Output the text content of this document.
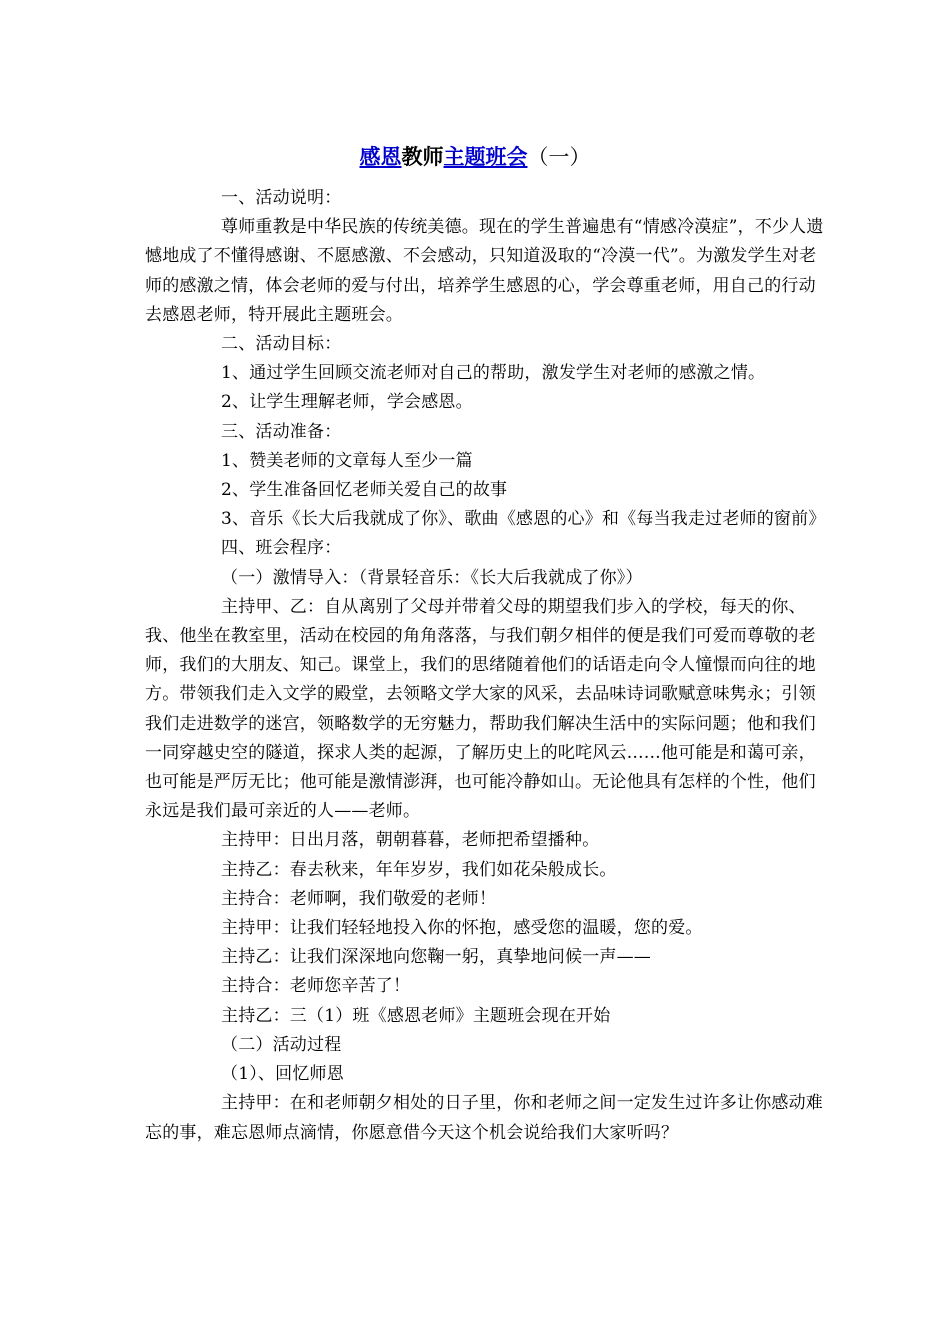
感恩教师主题班会（一）

一、活动说明：

尊师重教是中华民族的传统美德。现在的学生普遍患有“情感冷漠症”，不少人遗憾地成了不懂得感谢、不愿感激、不会感动，只知道汲取的“冷漠一代”。为激发学生对老师的感激之情，体会老师的爱与付出，培养学生感恩的心，学会尊重老师，用自己的行动去感恩老师，特开展此主题班会。

二、活动目标：

1、通过学生回顾交流老师对自己的帮助，激发学生对老师的感激之情。

2、让学生理解老师，学会感恩。

三、活动准备：

1、赞美老师的文章每人至少一篇

2、学生准备回忆老师关爱自己的故事

3、音乐《长大后我就成了你》、歌曲《感恩的心》和《每当我走过老师的窗前》

四、班会程序：

（一）激情导入：（背景轻音乐：《长大后我就成了你》）

主持甲、乙：自从离别了父母并带着父母的期望我们步入的学校，每天的你、我、他坐在教室里，活动在校园的角角落落，与我们朝夕相伴的便是我们可爱而尊敬的老师，我们的大朋友、知己。课堂上，我们的思绪随着他们的话语走向令人憧憬而向往的地方。带领我们走入文学的殿堂，去领略文学大家的风采，去品味诗词歌赋意味隽永；引领我们走进数学的迷宫，领略数学的无穷魅力，帮助我们解决生活中的实际问题；他和我们一同穿越史空的隧道，探求人类的起源，了解历史上的叱咤风云……他可能是和蔼可亲，也可能是严厉无比；他可能是激情澎湃，也可能冷静如山。无论他具有怎样的个性，他们永远是我们最可亲近的人——老师。

主持甲：日出月落，朝朝暮暮，老师把希望播种。

主持乙：春去秋来，年年岁岁，我们如花朵般成长。

主持合：老师啊，我们敬爱的老师！

主持甲：让我们轻轻地投入你的怀抱，感受您的温暖，您的爱。

主持乙：让我们深深地向您鞠一躬，真挚地问候一声——

主持合：老师您辛苦了！

主持乙：三（1）班《感恩老师》主题班会现在开始

（二）活动过程

（1）、回忆师恩

主持甲：在和老师朝夕相处的日子里，你和老师之间一定发生过许多让你感动难忘的事，难忘恩师点滴情，你愿意借今天这个机会说给我们大家听吗？
